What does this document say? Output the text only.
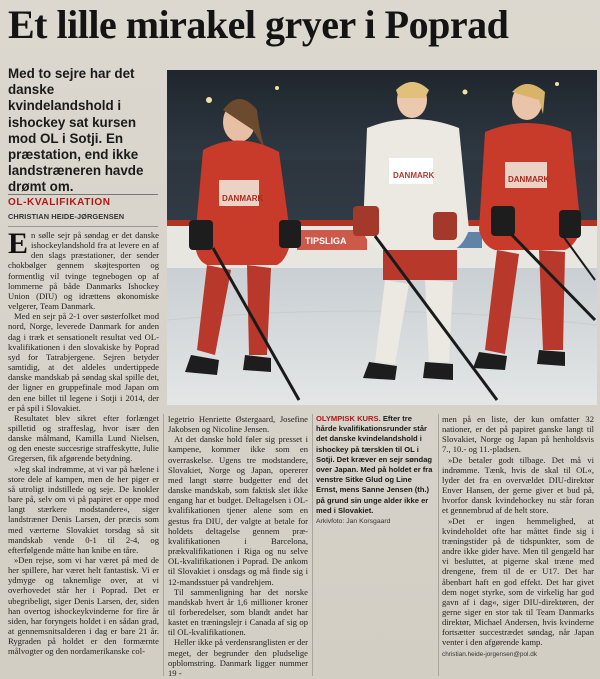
Et lille mirakel gryer i Poprad
Med to sejre har det danske kvindelandshold i ishockey sat kursen mod OL i Sotji. En præstation, end ikke landstræneren havde drømt om.
OL-KVALIFIKATION
CHRISTIAN HEIDE-JØRGENSEN

En sølle sejr på søndag er det danske ishockeylandshold fra at levere en af den slags præstationer, der sender chokbølger gennem skøjtesporten og formentlig vil tvinge tegnebogen op af lommerne på både Danmarks Ishockey Union (DIU) og idrættens økonomiske velgerer, Team Danmark.

Med en sejr på 2-1 over søsterfolket mod nord, Norge, leverede Danmark for anden dag i træk et sensationelt resultat ved OL-kvalifikationen i den slovakiske by Poprad syd for Tatrabjergene. Sejren betyder samtidig, at det aldeles undertippede danske mandskab på søndag skal spille det, der ligner en gruppefinale mod Japan om den ene billet til legene i Sotji i 2014, der er på spil i Slovakiet.

Resultatet blev sikret efter forlænget spilletid og straffeslag, hvor især den danske målmand, Kamilla Lund Nielsen, og den eneste succesrige straffeskytte, Julie Gregersen, fik afgørende betydning.

»Jeg skal indrømme, at vi var på hælene i store dele af kampen, men de her piger er så utroligt indstillede og seje. De knokler bare på, selv om vi på papiret er oppe mod langt stærkere modstandere«, siger landstræner Denis Larsen, der præcis som med værterne Slovakiet torsdag så sit mandskab vende 0-1 til 2-4, og efterfølgende måtte han knibe en tåre.

»Den rejse, som vi har været på med de her spillere, har været helt fantastisk. Vi er ydmyge og taknemlige over, at vi overhovedet står her i Poprad. Det er ubegribeligt, siger Denis Larsen, der, siden han overtog ishockeykvinderne for fire år siden, har foryngets holdet i en sådan grad, at gennemsnitsalderen i dag er bare 21 år. Rygraden på holdet er den formærnte målvogter og den nordamerikanske col-

TIPSLIGA
DANMARK
DANMARK	DANMARK

legetrio Henriette Østergaard, Josefine Jakobsen og Nicoline Jensen.

At det danske hold føler sig presset i kampene, kommer ikke som en overraskelse. Ugens tre modstandere, Slovakiet, Norge og Japan, opererer med langt større budgetter end det danske mandskab, som faktisk slet ikke engang har et budget. Deltagelsen i OL-kvalifikationen tjener alene som en gestus fra DIU, der valgte at betale for holdets deltagelse gennem præ-kvalifikationen i Barcelona, prækvalifikationen i Riga og nu selve OL-kvalifikationen i Poprad. De ankom til Slovakiet i onsdags og må finde sig i 12-mandsstuer på vandrehjem.

Til sammenligning har det norske mandskab hvert år 1,6 millioner kroner til forberedelser, som blandt andet har kastet en træningslejr i Canada af sig op til OL-kvalifikationen.

Heller ikke på verdensranglisten er der meget, der begrunder den pludselige opblomstring. Danmark ligger nummer 19 -

OLYMPISK KURS. Efter tre hårde kvalifikationsrunder står det danske kvindelandshold i ishockey på tærsklen til OL i Sotji. Det kræver en sejr søndag over Japan. Med på holdet er fra venstre Sitke Glud og Line Ernst, mens Sanne Jensen (th.) på grund sin unge alder ikke er med i Slovakiet.
Arkivfoto: Jan Korsgaard

men på en liste, der kun omfatter 32 nationer, er det på papiret ganske langt til Slovakiet, Norge og Japan på henholdsvis 7., 10.- og 11.-pladsen.

»De betaler godt tilbage. Det må vi indrømme. Tænk, hvis de skal til OL«, lyder det fra en overvældet DIU-direktør Enver Hansen, der gerne giver et bud på, hvorfor dansk kvindehockey nu står foran et gennembrud af de helt store.

»Det er ingen hemmelighed, at kvindeholdet ofte har måttet finde sig i træningstider på de tidspunkter, som de andre ikke gider have. Men til gengæld har vi besluttet, at pigerne skal træne med drengene, frem til de er U17. Det har åbenbart haft en god effekt. Det har givet dem noget styrke, som de virkelig har god gavn af i dag«, siger DIU-direktøren, der gerne siger en stor tak til Team Danmarks direktør, Michael Andersen, hvis kvinderne fortsætter succestrædet søndag, når Japan venter i den afgørende kamp.

christian.heide-jorgensen@pol.dk
